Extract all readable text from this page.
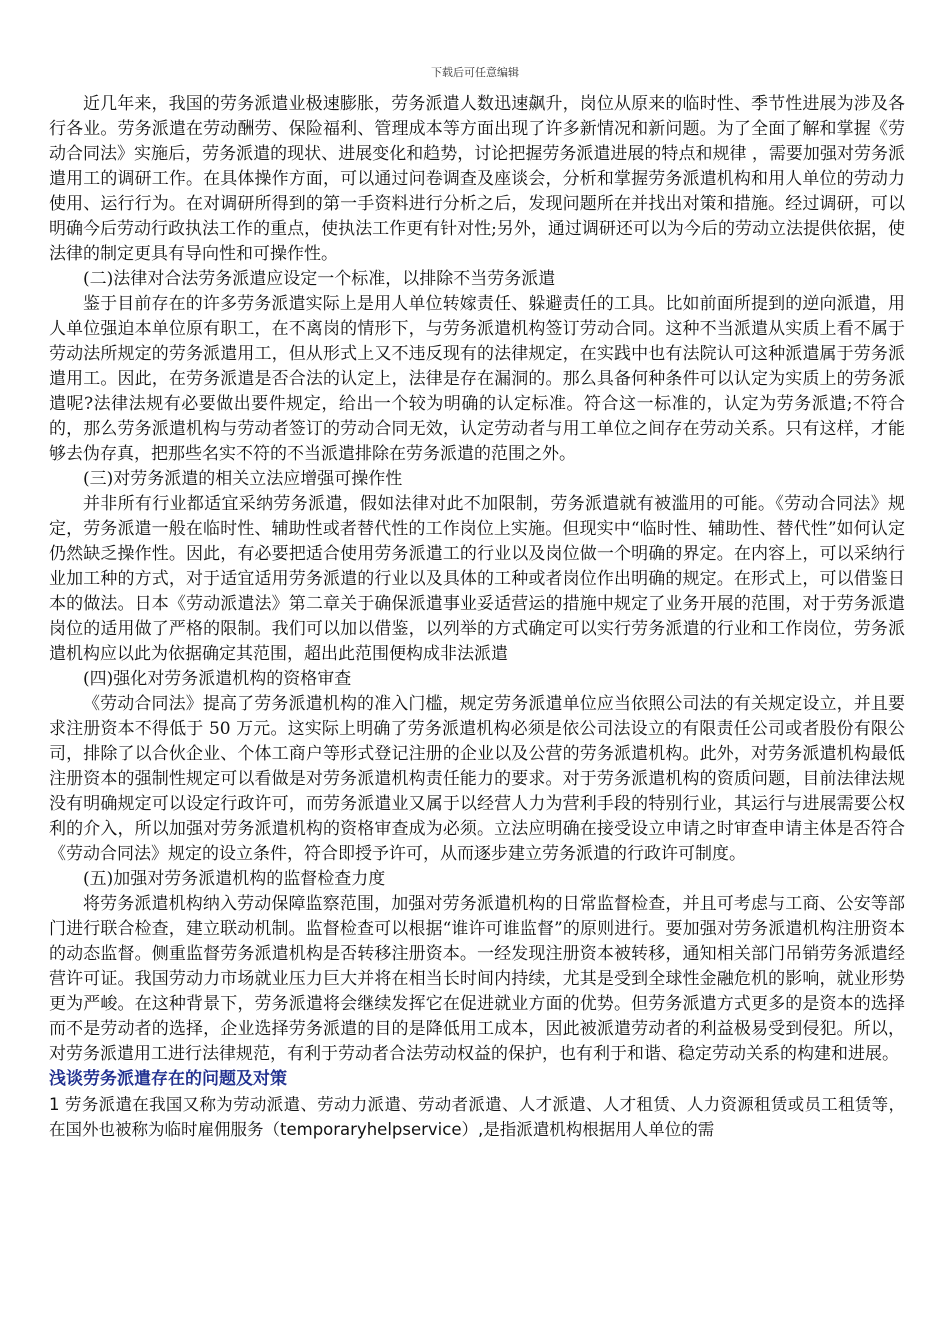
下载后可任意编辑

近几年来，我国的劳务派遣业极速膨胀，劳务派遣人数迅速飙升，岗位从原来的临时性、季节性进展为涉及各行各业。劳务派遣在劳动酬劳、保险福利、管理成本等方面出现了许多新情况和新问题。为了全面了解和掌握《劳动合同法》实施后，劳务派遣的现状、进展变化和趋势，讨论把握劳务派遣进展的特点和规律 ，需要加强对劳务派遣用工的调研工作。在具体操作方面，可以通过问卷调查及座谈会，分析和掌握劳务派遣机构和用人单位的劳动力使用、运行行为。在对调研所得到的第一手资料进行分析之后，发现问题所在并找出对策和措施。经过调研，可以明确今后劳动行政执法工作的重点，使执法工作更有针对性;另外，通过调研还可以为今后的劳动立法提供依据，使法律的制定更具有导向性和可操作性。

(二)法律对合法劳务派遣应设定一个标准，以排除不当劳务派遣

鉴于目前存在的许多劳务派遣实际上是用人单位转嫁责任、躲避责任的工具。比如前面所提到的逆向派遣，用人单位强迫本单位原有职工，在不离岗的情形下，与劳务派遣机构签订劳动合同。这种不当派遣从实质上看不属于劳动法所规定的劳务派遣用工，但从形式上又不违反现有的法律规定，在实践中也有法院认可这种派遣属于劳务派遣用工。因此，在劳务派遣是否合法的认定上，法律是存在漏洞的。那么具备何种条件可以认定为实质上的劳务派遣呢?法律法规有必要做出要件规定，给出一个较为明确的认定标准。符合这一标准的，认定为劳务派遣;不符合的，那么劳务派遣机构与劳动者签订的劳动合同无效，认定劳动者与用工单位之间存在劳动关系。只有这样，才能够去伪存真，把那些名实不符的不当派遣排除在劳务派遣的范围之外。

(三)对劳务派遣的相关立法应增强可操作性

并非所有行业都适宜采纳劳务派遣，假如法律对此不加限制，劳务派遣就有被滥用的可能。《劳动合同法》规定，劳务派遣一般在临时性、辅助性或者替代性的工作岗位上实施。但现实中“临时性、辅助性、替代性”如何认定仍然缺乏操作性。因此，有必要把适合使用劳务派遣工的行业以及岗位做一个明确的界定。在内容上，可以采纳行业加工种的方式，对于适宜适用劳务派遣的行业以及具体的工种或者岗位作出明确的规定。在形式上，可以借鉴日本的做法。日本《劳动派遣法》第二章关于确保派遣事业妥适营运的措施中规定了业务开展的范围，对于劳务派遣岗位的适用做了严格的限制。我们可以加以借鉴，以列举的方式确定可以实行劳务派遣的行业和工作岗位，劳务派遣机构应以此为依据确定其范围，超出此范围便构成非法派遣

(四)强化对劳务派遣机构的资格审查

《劳动合同法》提高了劳务派遣机构的准入门槛，规定劳务派遣单位应当依照公司法的有关规定设立，并且要求注册资本不得低于 50 万元。这实际上明确了劳务派遣机构必须是依公司法设立的有限责任公司或者股份有限公司，排除了以合伙企业、个体工商户等形式登记注册的企业以及公营的劳务派遣机构。此外，对劳务派遣机构最低注册资本的强制性规定可以看做是对劳务派遣机构责任能力的要求。对于劳务派遣机构的资质问题，目前法律法规没有明确规定可以设定行政许可，而劳务派遣业又属于以经营人力为营利手段的特别行业，其运行与进展需要公权利的介入，所以加强对劳务派遣机构的资格审查成为必须。立法应明确在接受设立申请之时审查申请主体是否符合《劳动合同法》规定的设立条件，符合即授予许可，从而逐步建立劳务派遣的行政许可制度。

(五)加强对劳务派遣机构的监督检查力度

将劳务派遣机构纳入劳动保障监察范围，加强对劳务派遣机构的日常监督检查，并且可考虑与工商、公安等部门进行联合检查，建立联动机制。监督检查可以根据“谁许可谁监督”的原则进行。要加强对劳务派遣机构注册资本的动态监督。侧重监督劳务派遣机构是否转移注册资本。一经发现注册资本被转移，通知相关部门吊销劳务派遣经营许可证。我国劳动力市场就业压力巨大并将在相当长时间内持续，尤其是受到全球性金融危机的影响，就业形势更为严峻。在这种背景下，劳务派遣将会继续发挥它在促进就业方面的优势。但劳务派遣方式更多的是资本的选择而不是劳动者的选择，企业选择劳务派遣的目的是降低用工成本，因此被派遣劳动者的利益极易受到侵犯。所以，对劳务派遣用工进行法律规范，有利于劳动者合法劳动权益的保护，也有利于和谐、稳定劳动关系的构建和进展。

浅谈劳务派遣存在的问题及对策

1 劳务派遣在我国又称为劳动派遣、劳动力派遣、劳动者派遣、人才派遣、人才租赁、人力资源租赁或员工租赁等，在国外也被称为临时雇佣服务（temporaryhelpservice）,是指派遣机构根据用人单位的需
